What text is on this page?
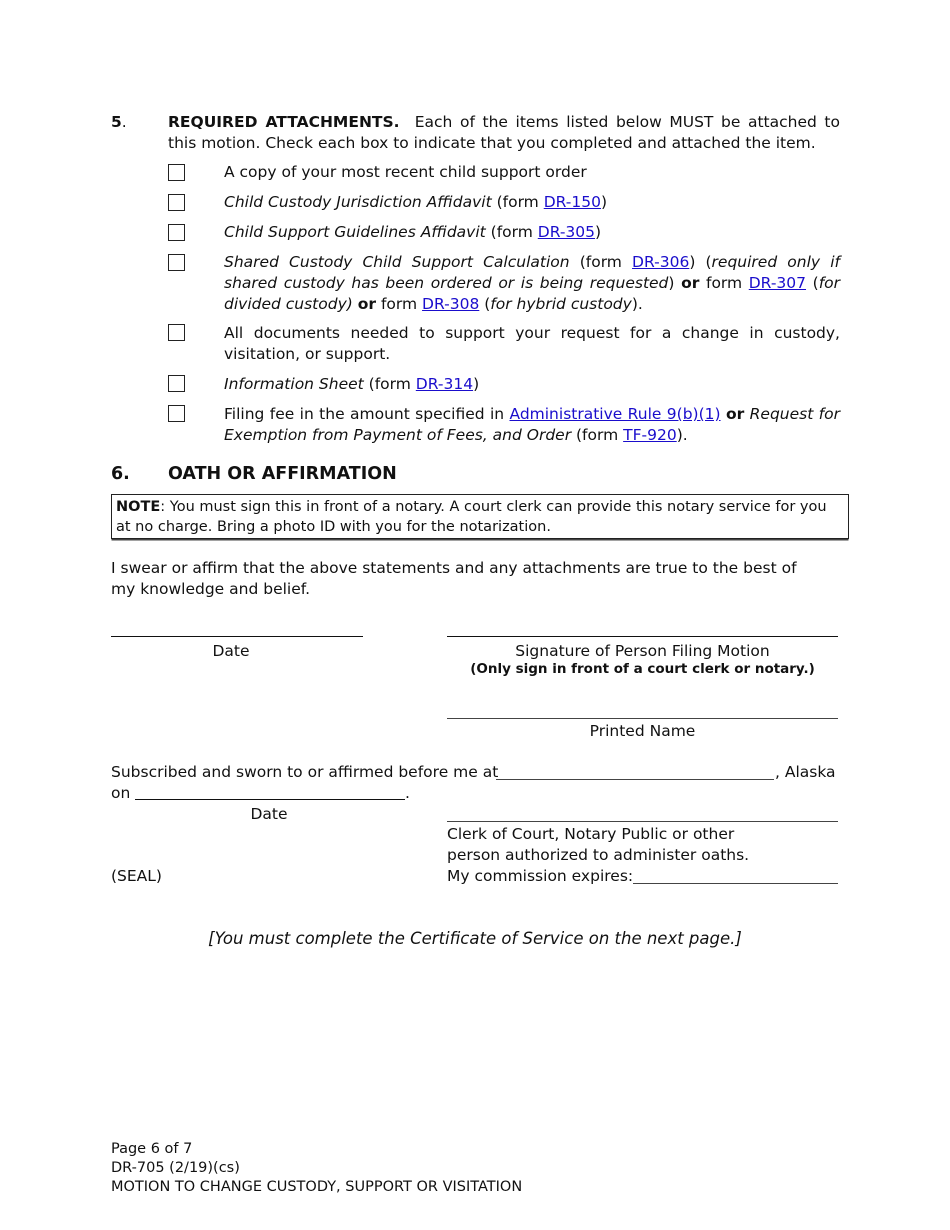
5.	REQUIRED ATTACHMENTS. Each of the items listed below MUST be attached to this motion. Check each box to indicate that you completed and attached the item.
A copy of your most recent child support order
Child Custody Jurisdiction Affidavit (form DR-150)
Child Support Guidelines Affidavit (form DR-305)
Shared Custody Child Support Calculation (form DR-306) (required only if shared custody has been ordered or is being requested) or form DR-307 (for divided custody) or form DR-308 (for hybrid custody).
All documents needed to support your request for a change in custody, visitation, or support.
Information Sheet (form DR-314)
Filing fee in the amount specified in Administrative Rule 9(b)(1) or Request for Exemption from Payment of Fees, and Order (form TF-920).
6. OATH OR AFFIRMATION
NOTE: You must sign this in front of a notary. A court clerk can provide this notary service for you at no charge. Bring a photo ID with you for the notarization.
I swear or affirm that the above statements and any attachments are true to the best of my knowledge and belief.
Date	Signature of Person Filing Motion
(Only sign in front of a court clerk or notary.)
Printed Name
Subscribed and sworn to or affirmed before me at	, Alaska
on	.
Date
Clerk of Court, Notary Public or other
person authorized to administer oaths.
My commission expires:
(SEAL)
[You must complete the Certificate of Service on the next page.]
Page 6 of 7
DR-705 (2/19)(cs)
MOTION TO CHANGE CUSTODY, SUPPORT OR VISITATION
